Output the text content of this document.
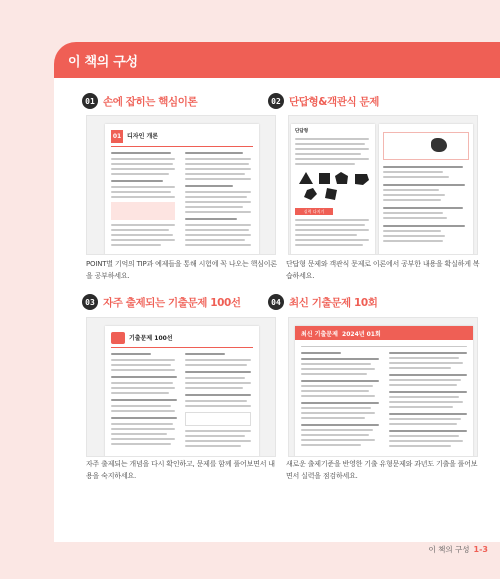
이 책의 구성
01 손에 잡히는 핵심이론
01 디자인 개론
POINT별 기억의 TIP과 예제들을 통해 시험에 꼭 나오는 핵심이론을 공부하세요.
02 단답형&객관식 문제
단답형
실력 다지기
단답형 문제와 객관식 문제로 이론에서 공부한 내용을 확실하게 복습하세요.
03 자주 출제되는 기출문제 100선
기출문제 100선
자주 출제되는 개념을 다시 확인하고, 문제를 함께 풀어보면서 내용을 숙지하세요.
04 최신 기출문제 10회
최신 기출문제  2024년 01회
새로운 출제기준을 반영한 기출 유형문제와 과년도 기출을 풀어보면서 실력을 점검하세요.
이 책의 구성 1-3
